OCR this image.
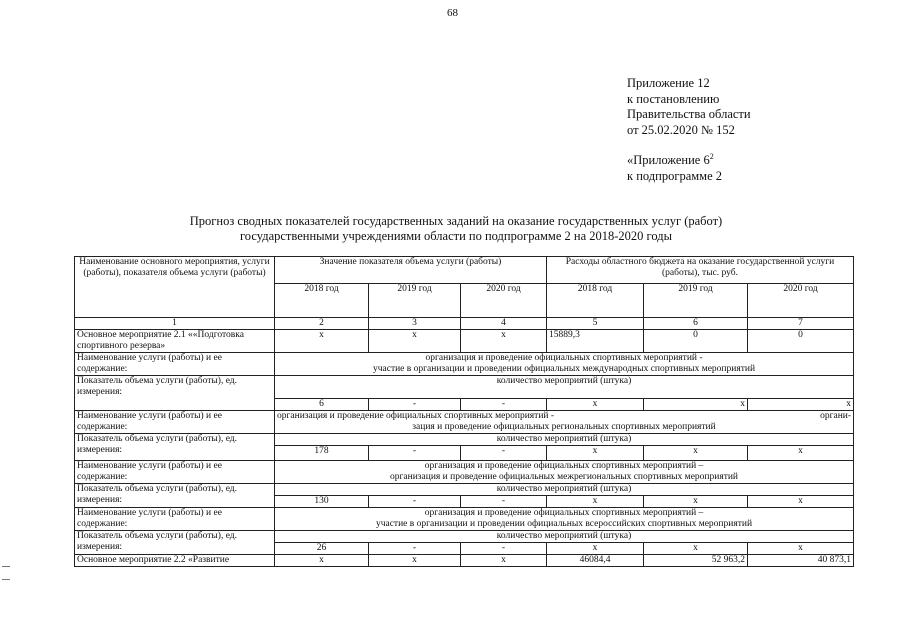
68
Приложение 12
к постановлению
Правительства области
от 25.02.2020 № 152
«Приложение $6^2$
к подпрограмме 2
Прогноз сводных показателей государственных заданий на оказание государственных услуг (работ)
государственными учреждениями области по подпрограмме 2 на 2018-2020 годы
Наименование основного мероприятия, услуги (работы), показателя объема услуги (работы)	Значение показателя объема услуги (работы)			Расходы областного бюджета на оказание государственной услуги (работы), тыс. руб.		
	2018 год	2019 год	2020 год	2018 год	2019 год	2020 год
1	2	3	4	5	6	7
Основное мероприятие 2.1 ««Подготовка спортивного резерва»	x	x	x	15889,3	0	0
Наименование услуги (работы) и ее содержание:	организация и проведение официальных спортивных мероприятий -
участие в организации и проведении официальных международных спортивных мероприятий					

Показатель объема услуги (работы), ед. измерения:	количество мероприятий (штука)					
	6	-	-	x	x	x
Наименование услуги (работы) и ее содержание:	организация и проведение официальных спортивных мероприятий - органи-
зация и проведение официальных региональных спортивных мероприятий					

Показатель объема услуги (работы), ед. измерения:	количество мероприятий (штука)					
	178	-	-	x	x	x
Наименование услуги (работы) и ее содержание:	организация и проведение официальных спортивных мероприятий –
организация и проведение официальных межрегиональных спортивных мероприятий					

Показатель объема услуги (работы), ед. измерения:	количество мероприятий (штука)					
	130	-	-	x	x	x
Наименование услуги (работы) и ее содержание:	организация и проведение официальных спортивных мероприятий –
участие в организации и проведении официальных всероссийских спортивных мероприятий					

Показатель объема услуги (работы), ед. измерения:	количество мероприятий (штука)					
	26	-	-	x	x	x
Основное мероприятие 2.2 «Развитие	x	x	x	46084,4	52 963,2	40 873,1
